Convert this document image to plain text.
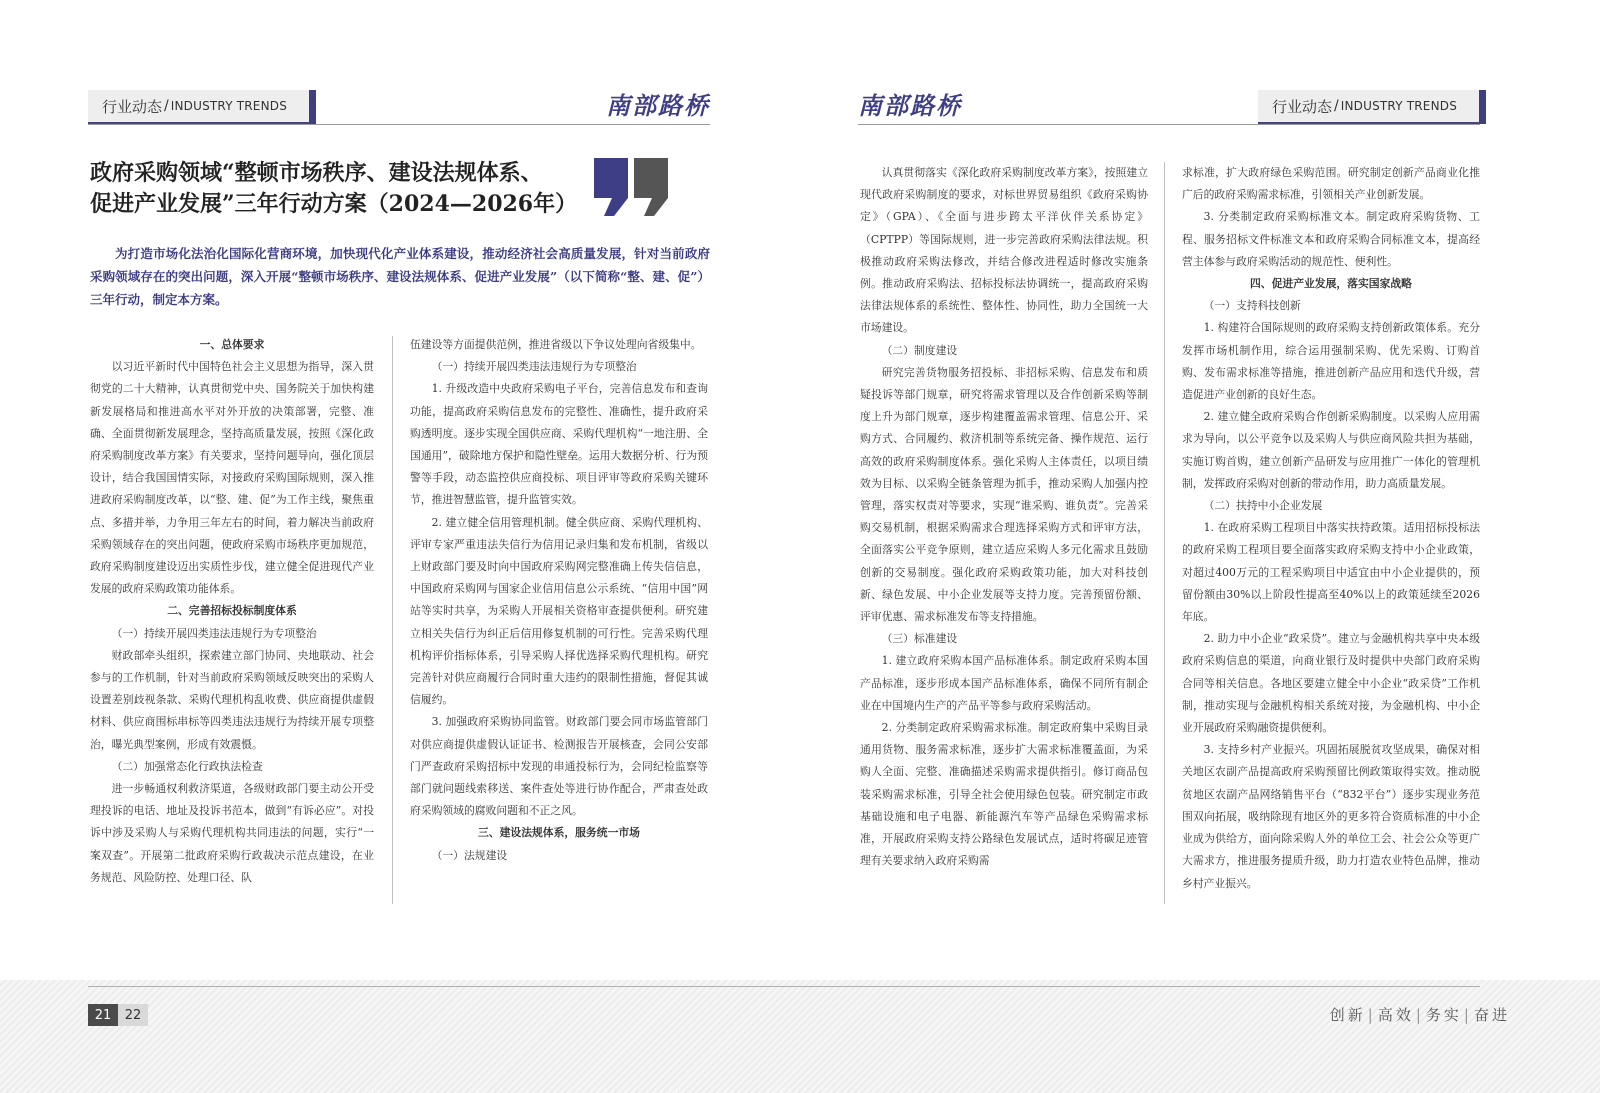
行业动态 / INDUSTRY TRENDS	南部路桥
政府采购领域“整顿市场秩序、建设法规体系、
促进产业发展”三年行动方案（2024—2026年）
为打造市场化法治化国际化营商环境，加快现代化产业体系建设，推动经济社会高质量发展，针对当前政府采购领域存在的突出问题，深入开展“整顿市场秩序、建设法规体系、促进产业发展”（以下简称“整、建、促”）三年行动，制定本方案。

一、总体要求

以习近平新时代中国特色社会主义思想为指导，深入贯彻党的二十大精神，认真贯彻党中央、国务院关于加快构建新发展格局和推进高水平对外开放的决策部署，完整、准确、全面贯彻新发展理念，坚持高质量发展，按照《深化政府采购制度改革方案》有关要求，坚持问题导向，强化顶层设计，结合我国国情实际，对接政府采购国际规则，深入推进政府采购制度改革，以“整、建、促”为工作主线，聚焦重点、多措并举，力争用三年左右的时间，着力解决当前政府采购领域存在的突出问题，使政府采购市场秩序更加规范，政府采购制度建设迈出实质性步伐，建立健全促进现代产业发展的政府采购政策功能体系。

二、完善招标投标制度体系

（一）持续开展四类违法违规行为专项整治

财政部牵头组织，探索建立部门协同、央地联动、社会参与的工作机制，针对当前政府采购领域反映突出的采购人设置差别歧视条款、采购代理机构乱收费、供应商提供虚假材料、供应商围标串标等四类违法违规行为持续开展专项整治，曝光典型案例，形成有效震慑。

（二）加强常态化行政执法检查

进一步畅通权利救济渠道，各级财政部门要主动公开受理投诉的电话、地址及投诉书范本，做到“有诉必应”。对投诉中涉及采购人与采购代理机构共同违法的问题，实行“一案双查”。开展第二批政府采购行政裁决示范点建设，在业务规范、风险防控、处理口径、队

伍建设等方面提供范例，推进省级以下争议处理向省级集中。

（一）持续开展四类违法违规行为专项整治

1. 升级改造中央政府采购电子平台，完善信息发布和查询功能，提高政府采购信息发布的完整性、准确性，提升政府采购透明度。逐步实现全国供应商、采购代理机构“一地注册、全国通用”，破除地方保护和隐性壁垒。运用大数据分析、行为预警等手段，动态监控供应商投标、项目评审等政府采购关键环节，推进智慧监管，提升监管实效。

2. 建立健全信用管理机制。健全供应商、采购代理机构、评审专家严重违法失信行为信用记录归集和发布机制，省级以上财政部门要及时向中国政府采购网完整准确上传失信信息，中国政府采购网与国家企业信用信息公示系统、“信用中国”网站等实时共享，为采购人开展相关资格审查提供便利。研究建立相关失信行为纠正后信用修复机制的可行性。完善采购代理机构评价指标体系，引导采购人择优选择采购代理机构。研究完善针对供应商履行合同时重大违约的限制性措施，督促其诚信履约。

3. 加强政府采购协同监管。财政部门要会同市场监管部门对供应商提供虚假认证证书、检测报告开展核查，会同公安部门严查政府采购招标中发现的串通投标行为，会同纪检监察等部门就问题线索移送、案件查处等进行协作配合，严肃查处政府采购领域的腐败问题和不正之风。

三、建设法规体系，服务统一市场

（一）法规建设

南部路桥	行业动态 / INDUSTRY TRENDS

认真贯彻落实《深化政府采购制度改革方案》，按照建立现代政府采购制度的要求，对标世界贸易组织《政府采购协定》（GPA）、《全面与进步跨太平洋伙伴关系协定》（CPTPP）等国际规则，进一步完善政府采购法律法规。积极推动政府采购法修改，并结合修改进程适时修改实施条例。推动政府采购法、招标投标法协调统一，提高政府采购法律法规体系的系统性、整体性、协同性，助力全国统一大市场建设。

（二）制度建设

研究完善货物服务招投标、非招标采购、信息发布和质疑投诉等部门规章，研究将需求管理以及合作创新采购等制度上升为部门规章，逐步构建覆盖需求管理、信息公开、采购方式、合同履约、救济机制等系统完备、操作规范、运行高效的政府采购制度体系。强化采购人主体责任，以项目绩效为目标、以采购全链条管理为抓手，推动采购人加强内控管理，落实权责对等要求，实现“谁采购、谁负责”。完善采购交易机制，根据采购需求合理选择采购方式和评审方法，全面落实公平竞争原则，建立适应采购人多元化需求且鼓励创新的交易制度。强化政府采购政策功能，加大对科技创新、绿色发展、中小企业发展等支持力度。完善预留份额、评审优惠、需求标准发布等支持措施。

（三）标准建设

1. 建立政府采购本国产品标准体系。制定政府采购本国产品标准，逐步形成本国产品标准体系，确保不同所有制企业在中国境内生产的产品平等参与政府采购活动。

2. 分类制定政府采购需求标准。制定政府集中采购目录通用货物、服务需求标准，逐步扩大需求标准覆盖面，为采购人全面、完整、准确描述采购需求提供指引。修订商品包装采购需求标准，引导全社会使用绿色包装。研究制定市政基础设施和电子电器、新能源汽车等产品绿色采购需求标准，开展政府采购支持公路绿色发展试点，适时将碳足迹管理有关要求纳入政府采购需

求标准，扩大政府绿色采购范围。研究制定创新产品商业化推广后的政府采购需求标准，引领相关产业创新发展。

3. 分类制定政府采购标准文本。制定政府采购货物、工程、服务招标文件标准文本和政府采购合同标准文本，提高经营主体参与政府采购活动的规范性、便利性。

四、促进产业发展，落实国家战略

（一）支持科技创新

1. 构建符合国际规则的政府采购支持创新政策体系。充分发挥市场机制作用，综合运用强制采购、优先采购、订购首购、发布需求标准等措施，推进创新产品应用和迭代升级，营造促进产业创新的良好生态。

2. 建立健全政府采购合作创新采购制度。以采购人应用需求为导向，以公平竞争以及采购人与供应商风险共担为基础，实施订购首购，建立创新产品研发与应用推广一体化的管理机制，发挥政府采购对创新的带动作用，助力高质量发展。

（二）扶持中小企业发展

1. 在政府采购工程项目中落实扶持政策。适用招标投标法的政府采购工程项目要全面落实政府采购支持中小企业政策，对超过400万元的工程采购项目中适宜由中小企业提供的，预留份额由30%以上阶段性提高至40%以上的政策延续至2026年底。

2. 助力中小企业“政采贷”。建立与金融机构共享中央本级政府采购信息的渠道，向商业银行及时提供中央部门政府采购合同等相关信息。各地区要建立健全中小企业“政采贷”工作机制，推动实现与金融机构相关系统对接，为金融机构、中小企业开展政府采购融资提供便利。

3. 支持乡村产业振兴。巩固拓展脱贫攻坚成果，确保对相关地区农副产品提高政府采购预留比例政策取得实效。推动脱贫地区农副产品网络销售平台（“832平台”）逐步实现业务范围双向拓展，吸纳除现有地区外的更多符合资质标准的中小企业成为供给方，面向除采购人外的单位工会、社会公众等更广大需求方，推进服务提质升级，助力打造农业特色品牌，推动乡村产业振兴。

21	22	创新 | 高效 | 务实 | 奋进
